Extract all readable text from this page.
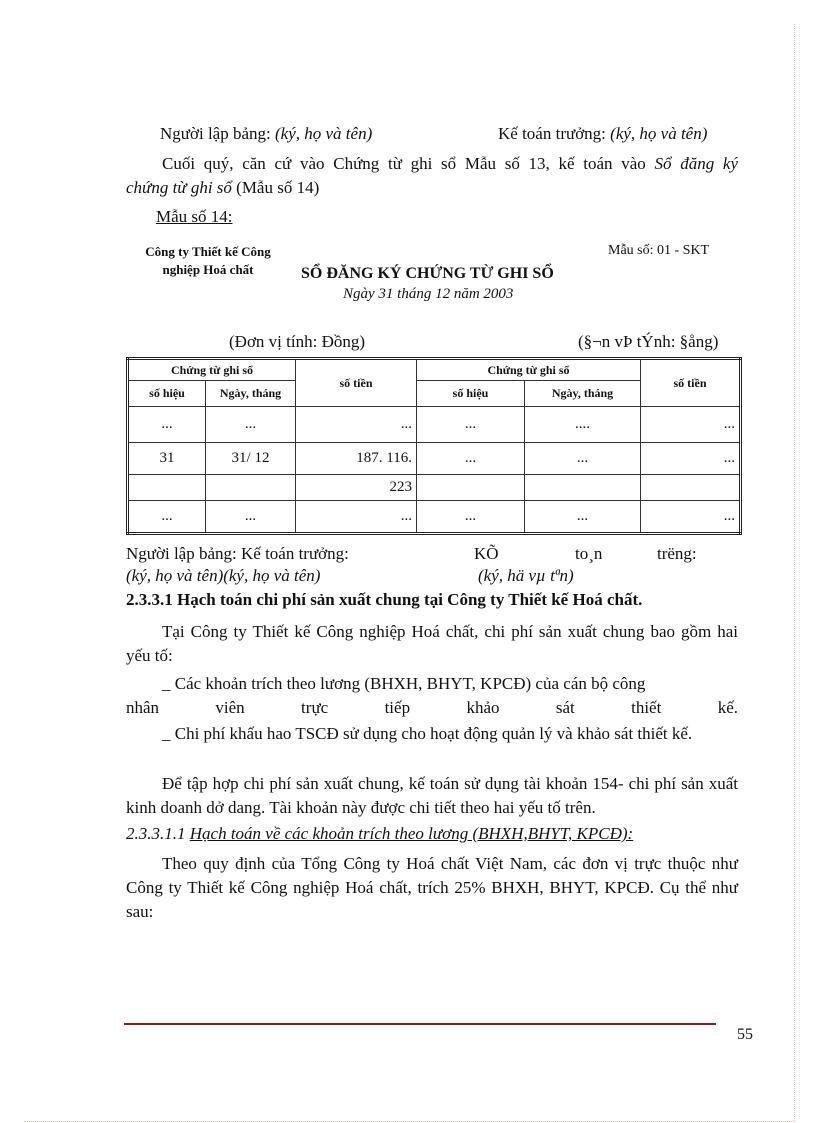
Người lập bảng: (ký, họ và tên)	Kế toán trưởng: (ký, họ và tên)
Cuối quý, căn cứ vào Chứng từ ghi sổ Mẫu số 13, kế toán vào Sổ đăng ký
chứng từ ghi sổ (Mẫu số 14)
Mẫu số 14:
Công ty Thiết kế Công
nghiệp Hoá chất
Mẫu số: 01 - SKT
SỔ ĐĂNG KÝ CHỨNG TỪ GHI SỔ
Ngày 31 tháng 12 năm 2003
(Đơn vị tính: Đồng)	(§¬n vÞ tÝnh: §ång)
Chứng từ ghi sổ		số tiền	Chứng từ ghi sổ		số tiền
số hiệu	Ngày, tháng		số hiệu	Ngày, tháng	
...	...	...	...	....	...
31	31/ 12	187. 116.	...	...	...
		223			
...	...	...	...	...	...
Người lập bảng: Kế toán trưởng:	KÕ	to¸n	trëng:
(ký, họ và tên)(ký, họ và tên)	(ký, hä vµ tªn)
2.3.3.1 Hạch toán chi phí sản xuất chung tại Công ty Thiết kế Hoá chất.
Tại Công ty Thiết kế Công nghiệp Hoá chất, chi phí sản xuất chung bao gồm hai yếu tố:
_ Các khoản trích theo lương (BHXH, BHYT, KPCĐ) của cán bộ công
nhân viên trực tiếp khảo sát thiết kế.
_ Chi phí khấu hao TSCĐ sử dụng cho hoạt động quản lý và khảo sát thiết kế.
Để tập hợp chi phí sản xuất chung, kế toán sử dụng tài khoản 154- chi phí sản xuất kinh doanh dở dang. Tài khoản này được chi tiết theo hai yếu tố trên.
2.3.3.1.1 Hạch toán về các khoản trích theo lương (BHXH,BHYT, KPCĐ):
Theo quy định của Tổng Công ty Hoá chất Việt Nam, các đơn vị trực thuộc như Công ty Thiết kế Công nghiệp Hoá chất, trích 25% BHXH, BHYT, KPCĐ. Cụ thể như sau:
55
